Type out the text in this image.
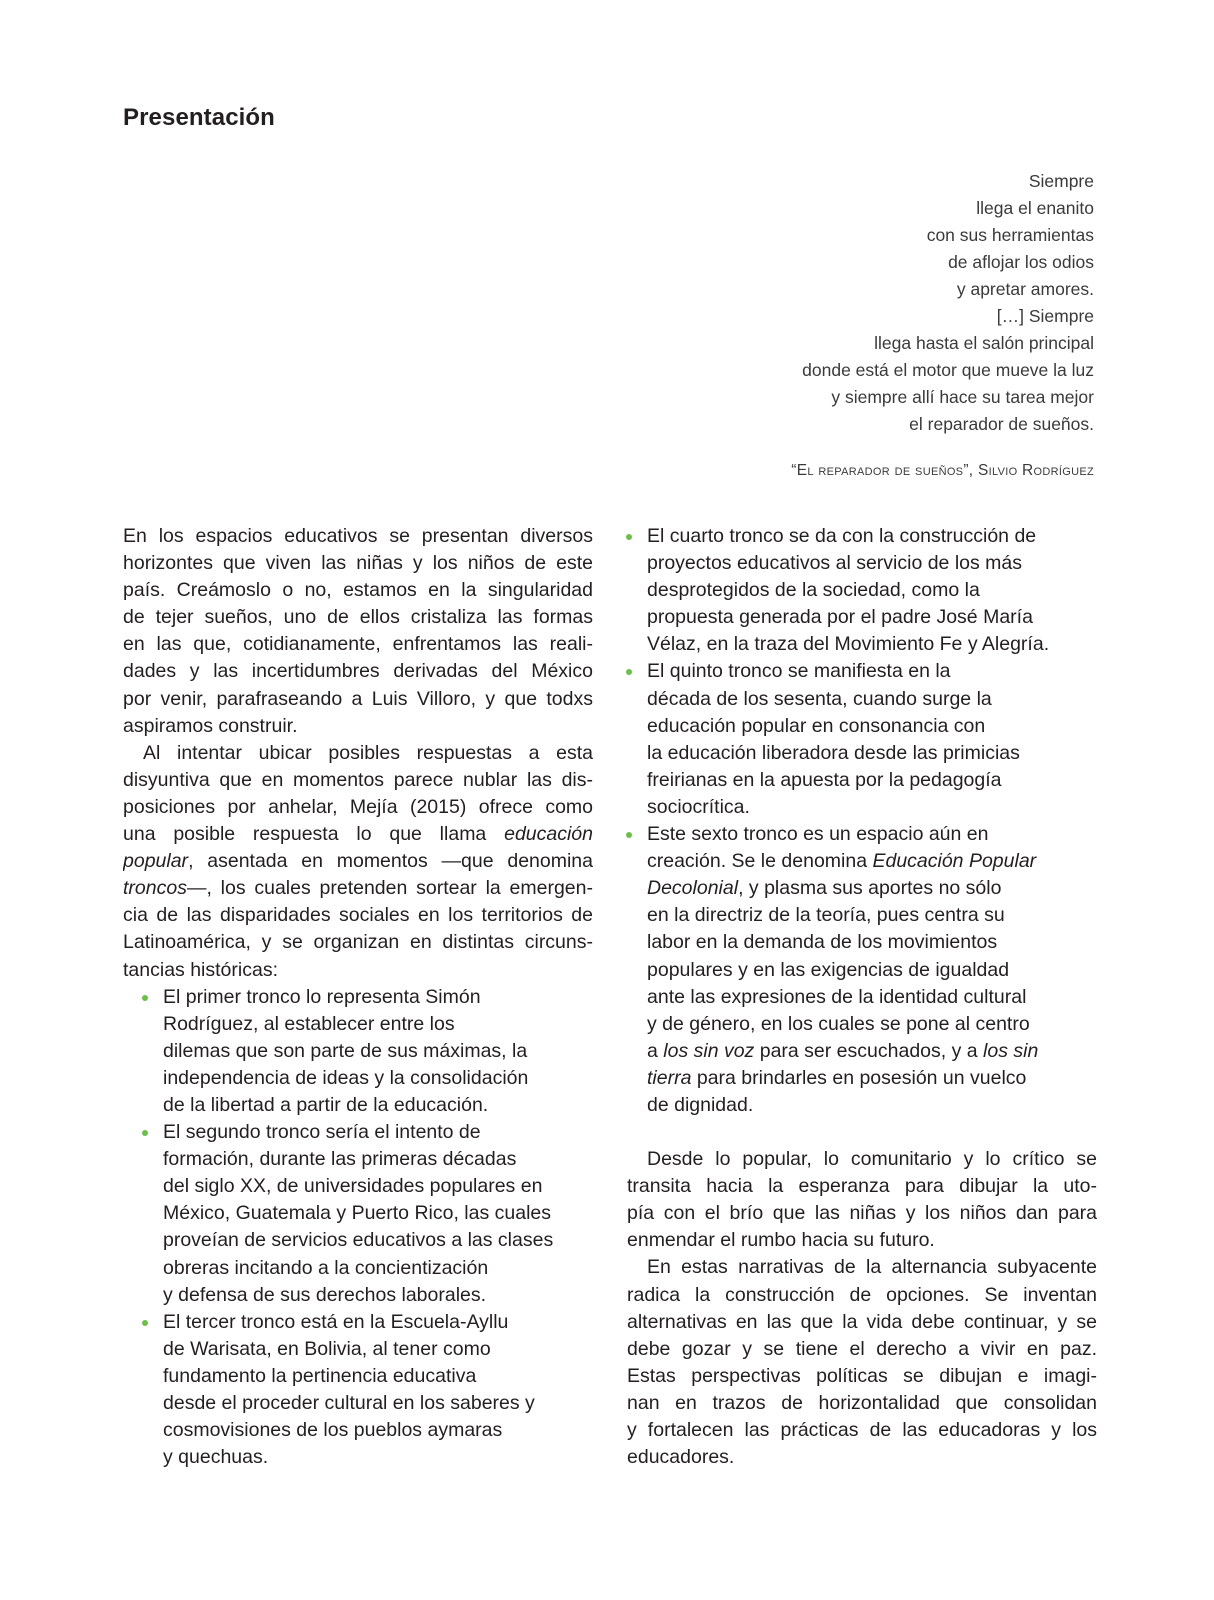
Presentación
Siempre
llega el enanito
con sus herramientas
de aflojar los odios
y apretar amores.
[…] Siempre
llega hasta el salón principal
donde está el motor que mueve la luz
y siempre allí hace su tarea mejor
el reparador de sueños.
“El reparador de sueños”, Silvio Rodríguez

En los espacios educativos se presentan diversos
horizontes que viven las niñas y los niños de este
país. Creámoslo o no, estamos en la singularidad
de tejer sueños, uno de ellos cristaliza las formas
en las que, cotidianamente, enfrentamos las reali-
dades y las incertidumbres derivadas del México
por venir, parafraseando a Luis Villoro, y que todxs
aspiramos construir.

Al intentar ubicar posibles respuestas a esta
disyuntiva que en momentos parece nublar las dis-
posiciones por anhelar, Mejía (2015) ofrece como
una posible respuesta lo que llama educación
popular, asentada en momentos —que denomina
troncos—, los cuales pretenden sortear la emergen-
cia de las disparidades sociales en los territorios de
Latinoamérica, y se organizan en distintas circuns-
tancias históricas:

El primer tronco lo representa Simón
Rodríguez, al establecer entre los
dilemas que son parte de sus máximas, la
independencia de ideas y la consolidación
de la libertad a partir de la educación.
El segundo tronco sería el intento de
formación, durante las primeras décadas
del siglo XX, de universidades populares en
México, Guatemala y Puerto Rico, las cuales
proveían de servicios educativos a las clases
obreras incitando a la concientización
y defensa de sus derechos laborales.
El tercer tronco está en la Escuela-Ayllu
de Warisata, en Bolivia, al tener como
fundamento la pertinencia educativa
desde el proceder cultural en los saberes y
cosmovisiones de los pueblos aymaras
y quechuas.
El cuarto tronco se da con la construcción de
proyectos educativos al servicio de los más
desprotegidos de la sociedad, como la
propuesta generada por el padre José María
Vélaz, en la traza del Movimiento Fe y Alegría.
El quinto tronco se manifiesta en la
década de los sesenta, cuando surge la
educación popular en consonancia con
la educación liberadora desde las primicias
freirianas en la apuesta por la pedagogía
sociocrítica.
Este sexto tronco es un espacio aún en
creación. Se le denomina Educación Popular
Decolonial, y plasma sus aportes no sólo
en la directriz de la teoría, pues centra su
labor en la demanda de los movimientos
populares y en las exigencias de igualdad
ante las expresiones de la identidad cultural
y de género, en los cuales se pone al centro
a los sin voz para ser escuchados, y a los sin
tierra para brindarles en posesión un vuelco
de dignidad.

Desde lo popular, lo comunitario y lo crítico se
transita hacia la esperanza para dibujar la uto-
pía con el brío que las niñas y los niños dan para
enmendar el rumbo hacia su futuro.

En estas narrativas de la alternancia subyacente
radica la construcción de opciones. Se inventan
alternativas en las que la vida debe continuar, y se
debe gozar y se tiene el derecho a vivir en paz.
Estas perspectivas políticas se dibujan e imagi-
nan en trazos de horizontalidad que consolidan
y fortalecen las prácticas de las educadoras y los
educadores.
